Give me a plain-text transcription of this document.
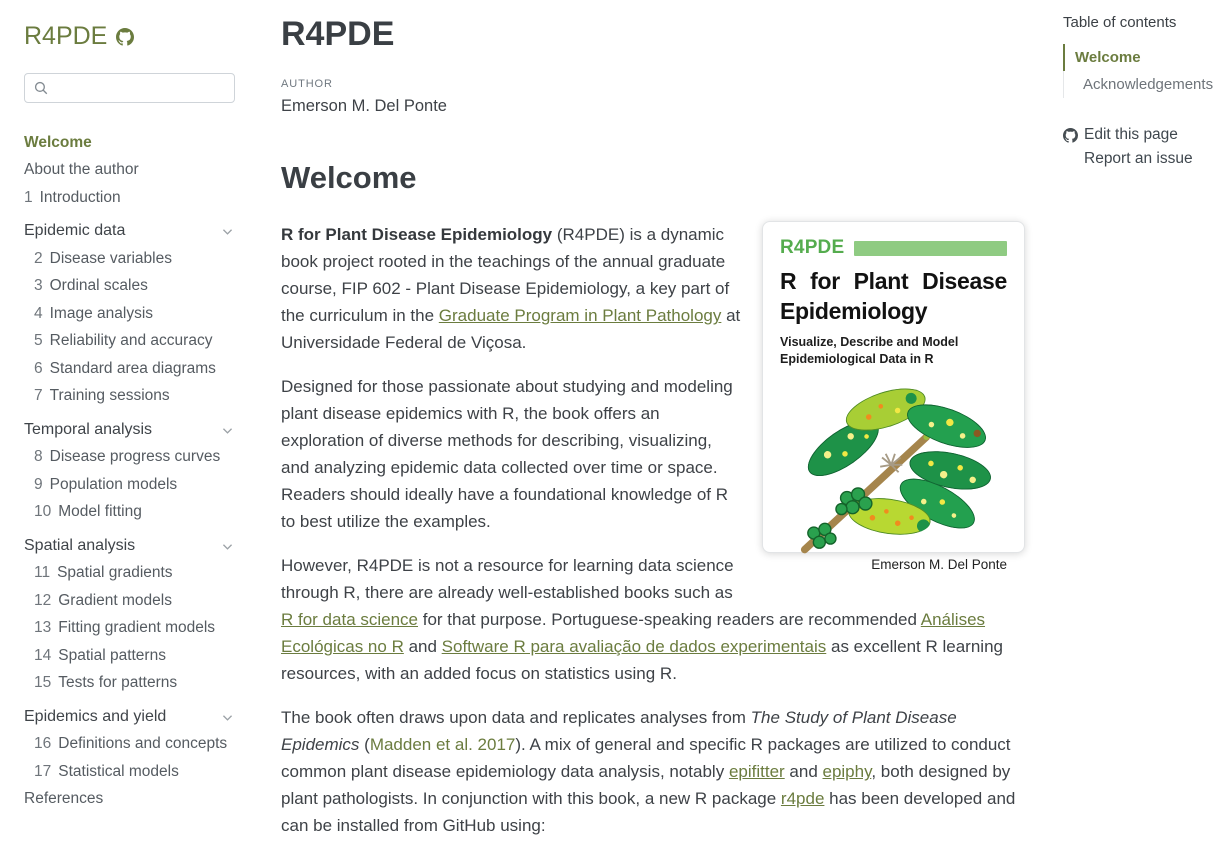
R4PDE
Welcome
About the author
1 Introduction
Epidemic data
2 Disease variables
3 Ordinal scales
4 Image analysis
5 Reliability and accuracy
6 Standard area diagrams
7 Training sessions
Temporal analysis
8 Disease progress curves
9 Population models
10 Model fitting
Spatial analysis
11 Spatial gradients
12 Gradient models
13 Fitting gradient models
14 Spatial patterns
15 Tests for patterns
Epidemics and yield
16 Definitions and concepts
17 Statistical models
References
R4PDE
AUTHOR
Emerson M. Del Ponte
Welcome
R4PDE
R for Plant Disease
Epidemiology
Visualize, Describe and Model Epidemiological Data in R
Emerson M. Del Ponte

R for Plant Disease Epidemiology (R4PDE) is a dynamic book project rooted in the teachings of the annual graduate course, FIP 602 - Plant Disease Epidemiology, a key part of the curriculum in the Graduate Program in Plant Pathology at Universidade Federal de Viçosa.

Designed for those passionate about studying and modeling plant disease epidemics with R, the book offers an exploration of diverse methods for describing, visualizing, and analyzing epidemic data collected over time or space. Readers should ideally have a foundational knowledge of R to best utilize the examples.

However, R4PDE is not a resource for learning data science through R, there are already well-established books such as R for data science for that purpose. Portuguese-speaking readers are recommended Análises Ecológicas no R and Software R para avaliação de dados experimentais as excellent R learning resources, with an added focus on statistics using R.

The book often draws upon data and replicates analyses from The Study of Plant Disease Epidemics (Madden et al. 2017). A mix of general and specific R packages are utilized to conduct common plant disease epidemiology data analysis, notably epifitter and epiphy, both designed by plant pathologists. In conjunction with this book, a new R package r4pde has been developed and can be installed from GitHub using:

Table of contents
Welcome
Acknowledgements
Edit this page
Report an issue
